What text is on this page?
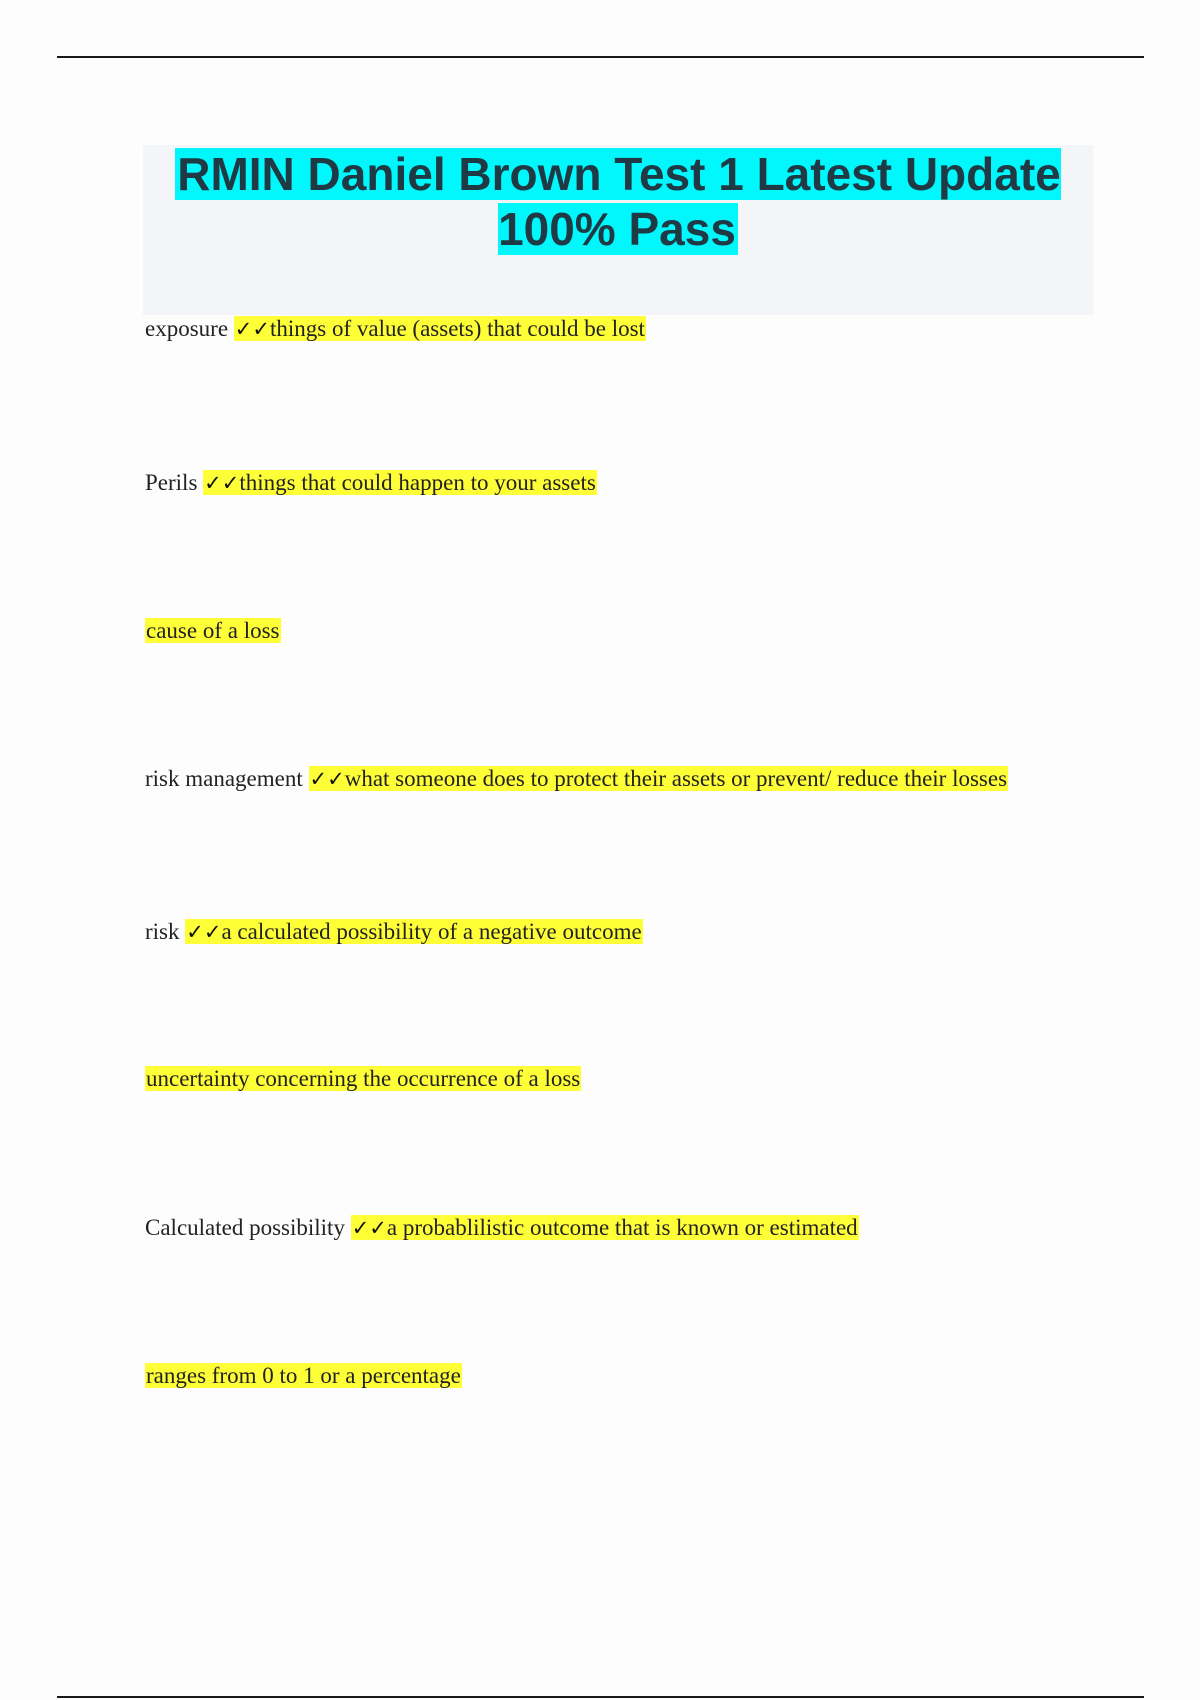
RMIN Daniel Brown Test 1 Latest Update 100% Pass
exposure ✓✓things of value (assets) that could be lost
Perils ✓✓things that could happen to your assets
cause of a loss
risk management ✓✓what someone does to protect their assets or prevent/ reduce their losses
risk ✓✓a calculated possibility of a negative outcome
uncertainty concerning the occurrence of a loss
Calculated possibility ✓✓a probablilistic outcome that is known or estimated
ranges from 0 to 1 or a percentage
